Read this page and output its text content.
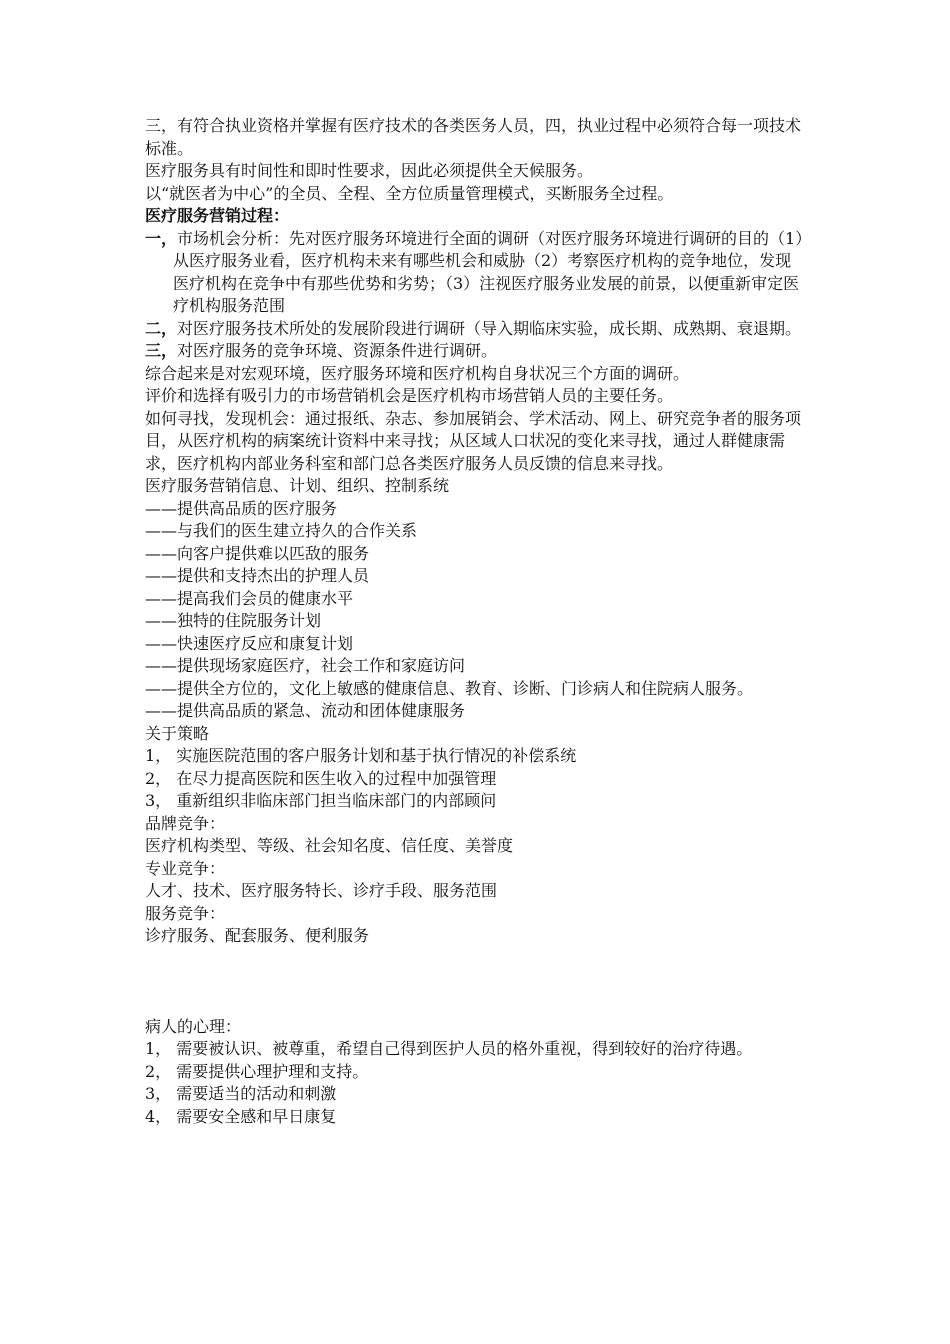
三，有符合执业资格并掌握有医疗技术的各类医务人员，四，执业过程中必须符合每一项技术标准。

医疗服务具有时间性和即时性要求，因此必须提供全天候服务。

以“就医者为中心”的全员、全程、全方位质量管理模式，买断服务全过程。

医疗服务营销过程：

一，市场机会分析：先对医疗服务环境进行全面的调研（对医疗服务环境进行调研的目的（1）从医疗服务业看，医疗机构未来有哪些机会和威胁（2）考察医疗机构的竞争地位，发现医疗机构在竞争中有那些优势和劣势；（3）注视医疗服务业发展的前景，以便重新审定医疗机构服务范围

二，对医疗服务技术所处的发展阶段进行调研（导入期临床实验，成长期、成熟期、衰退期。

三，对医疗服务的竞争环境、资源条件进行调研。

综合起来是对宏观环境，医疗服务环境和医疗机构自身状况三个方面的调研。

评价和选择有吸引力的市场营销机会是医疗机构市场营销人员的主要任务。

如何寻找，发现机会：通过报纸、杂志、参加展销会、学术活动、网上、研究竞争者的服务项目，从医疗机构的病案统计资料中来寻找；从区域人口状况的变化来寻找，通过人群健康需求，医疗机构内部业务科室和部门总各类医疗服务人员反馈的信息来寻找。

医疗服务营销信息、计划、组织、控制系统

——提供高品质的医疗服务

——与我们的医生建立持久的合作关系

——向客户提供难以匹敌的服务

——提供和支持杰出的护理人员

——提高我们会员的健康水平

——独特的住院服务计划

——快速医疗反应和康复计划

——提供现场家庭医疗，社会工作和家庭访问

——提供全方位的，文化上敏感的健康信息、教育、诊断、门诊病人和住院病人服务。

——提供高品质的紧急、流动和团体健康服务

关于策略

1， 实施医院范围的客户服务计划和基于执行情况的补偿系统

2， 在尽力提高医院和医生收入的过程中加强管理

3， 重新组织非临床部门担当临床部门的内部顾问

品牌竞争：

医疗机构类型、等级、社会知名度、信任度、美誉度

专业竞争：

人才、技术、医疗服务特长、诊疗手段、服务范围

服务竞争：

诊疗服务、配套服务、便利服务

病人的心理：

1， 需要被认识、被尊重，希望自己得到医护人员的格外重视，得到较好的治疗待遇。

2， 需要提供心理护理和支持。

3， 需要适当的活动和刺激

4， 需要安全感和早日康复
